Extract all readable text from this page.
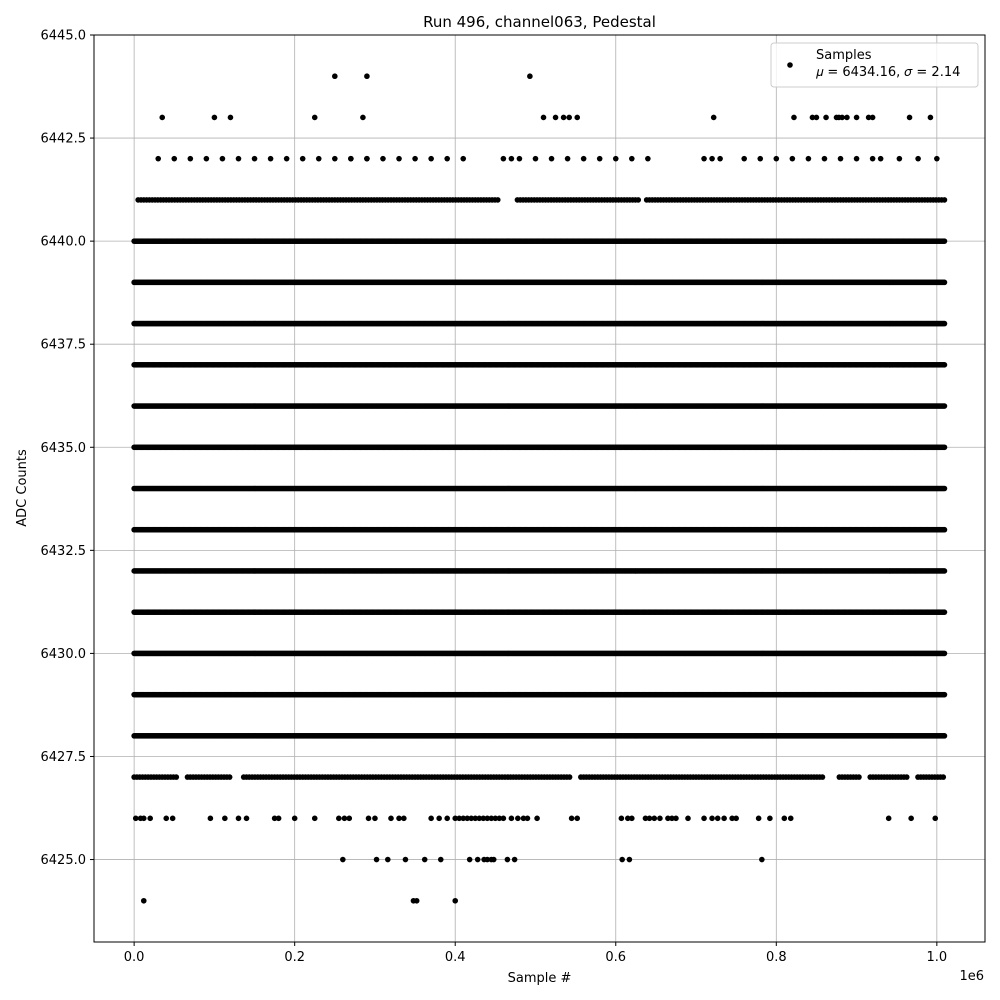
0.0	0.2	0.4	0.6	0.8	1.0
6425.0
6427.5
6430.0
6432.5
6435.0
6437.5
6440.0
6442.5
6445.0
Run 496, channel063, Pedestal
Sample #
ADC Counts
1e6
Samples
𝜇 = 6434.16, 𝜎 = 2.14
